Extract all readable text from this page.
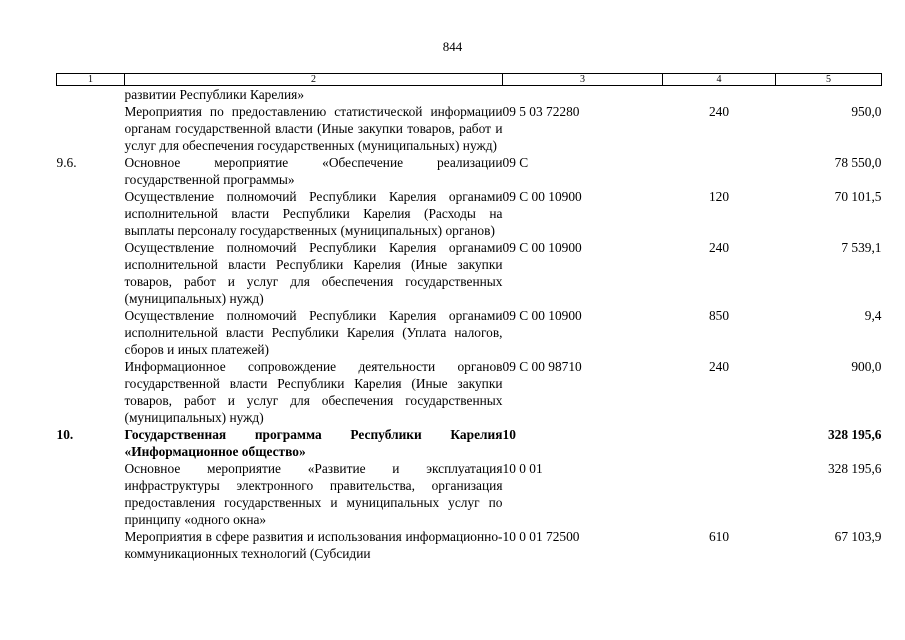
844
1	2	3	4	5

	развитии Республики Карелия»			

	Мероприятия по предоставлению статистической информации органам государственной власти (Иные закупки товаров, работ и услуг для обеспечения государственных (муниципальных) нужд)	09 5 03 72280	240	950,0
9.6.	Основное мероприятие «Обеспечение реализации государственной программы»	09 С		78 550,0

	Осуществление полномочий Республики Карелия органами исполнительной власти Республики Карелия (Расходы на выплаты персоналу государственных (муниципальных) органов)	09 С 00 10900	120	70 101,5

	Осуществление полномочий Республики Карелия органами исполнительной власти Республики Карелия (Иные закупки товаров, работ и услуг для обеспечения государственных (муниципальных) нужд)	09 С 00 10900	240	7 539,1

	Осуществление полномочий Республики Карелия органами исполнительной власти Республики Карелия (Уплата налогов, сборов и иных платежей)	09 С 00 10900	850	9,4

	Информационное сопровождение деятельности органов государственной власти Республики Карелия (Иные закупки товаров, работ и услуг для обеспечения государственных (муниципальных) нужд)	09 С 00 98710	240	900,0
10.	Государственная программа Республики Карелия «Информационное общество»	10		328 195,6

	Основное мероприятие «Развитие и эксплуатация инфраструктуры электронного правительства, организация предоставления государственных и муниципальных услуг по принципу «одного окна»	10 0 01		328 195,6

	Мероприятия в сфере развития и использования информационно-коммуникационных технологий (Субсидии	10 0 01 72500	610	67 103,9
